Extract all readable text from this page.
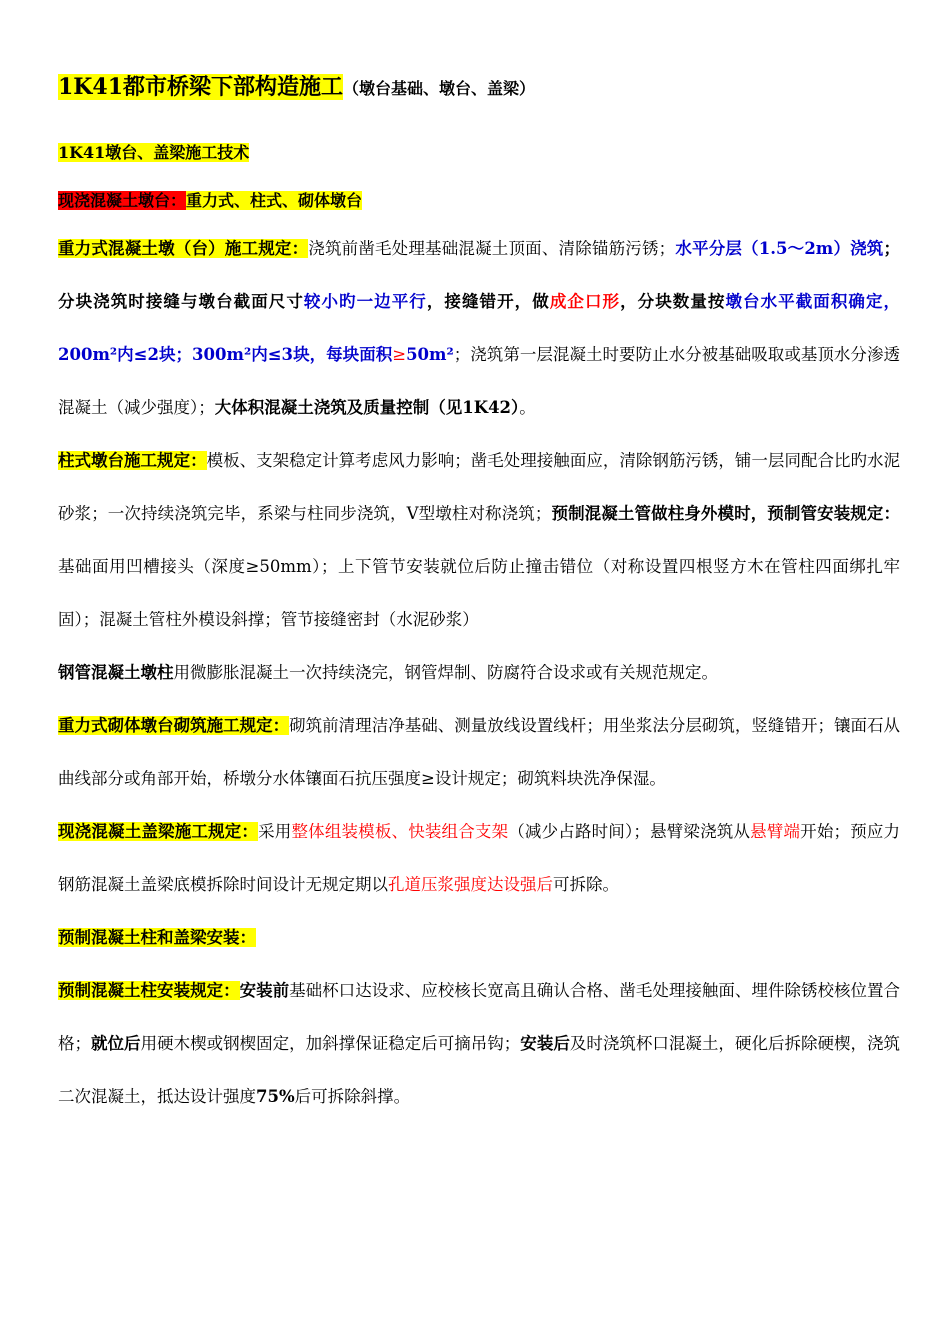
1K41都市桥梁下部构造施工（墩台基础、墩台、盖梁）
1K41墩台、盖梁施工技术
现浇混凝土墩台：重力式、柱式、砌体墩台

重力式混凝土墩（台）施工规定：浇筑前凿毛处理基础混凝土顶面、清除锚筋污锈；水平分层（1.5～2m）浇筑；分块浇筑时接缝与墩台截面尺寸较小旳一边平行，接缝错开，做成企口形，分块数量按墩台水平截面积确定，200m²内≤2块；300m²内≤3块，每块面积≥50m²；浇筑第一层混凝土时要防止水分被基础吸取或基顶水分渗透混凝土（减少强度）；大体积混凝土浇筑及质量控制（见1K42）。

柱式墩台施工规定：模板、支架稳定计算考虑风力影响；凿毛处理接触面应，清除钢筋污锈，铺一层同配合比旳水泥砂浆；一次持续浇筑完毕，系梁与柱同步浇筑，V型墩柱对称浇筑；预制混凝土管做柱身外模时，预制管安装规定：基础面用凹槽接头（深度≥50mm）；上下管节安装就位后防止撞击错位（对称设置四根竖方木在管柱四面绑扎牢固）；混凝土管柱外模设斜撑；管节接缝密封（水泥砂浆）

钢管混凝土墩柱用微膨胀混凝土一次持续浇完，钢管焊制、防腐符合设求或有关规范规定。

重力式砌体墩台砌筑施工规定：砌筑前清理洁净基础、测量放线设置线杆；用坐浆法分层砌筑，竖缝错开；镶面石从曲线部分或角部开始，桥墩分水体镶面石抗压强度≥设计规定；砌筑料块洗净保湿。

现浇混凝土盖梁施工规定：采用整体组装模板、快装组合支架（减少占路时间）；悬臂梁浇筑从悬臂端开始；预应力钢筋混凝土盖梁底模拆除时间设计无规定期以孔道压浆强度达设强后可拆除。

预制混凝土柱和盖梁安装：

预制混凝土柱安装规定：安装前基础杯口达设求、应校核长宽高且确认合格、凿毛处理接触面、埋件除锈校核位置合格；就位后用硬木楔或钢楔固定，加斜撑保证稳定后可摘吊钩；安装后及时浇筑杯口混凝土，硬化后拆除硬楔，浇筑二次混凝土，抵达设计强度75%后可拆除斜撑。
